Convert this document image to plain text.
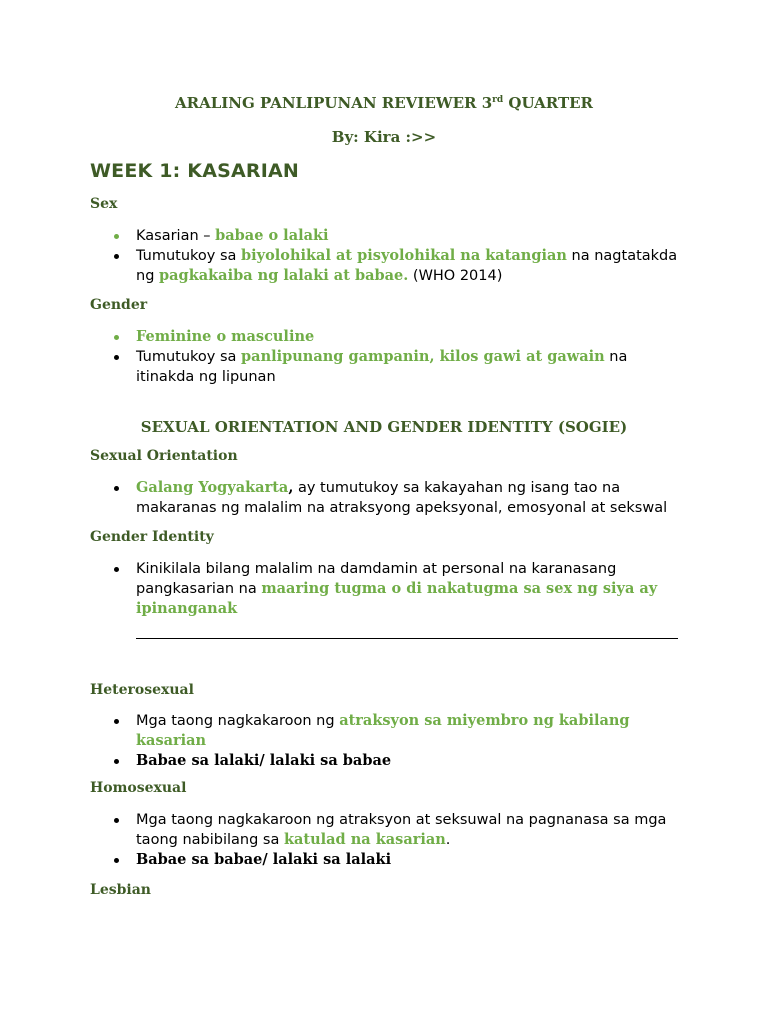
ARALING PANLIPUNAN REVIEWER 3rd QUARTER
By: Kira :>>
WEEK 1: KASARIAN
Sex
Kasarian – babae o lalaki
Tumutukoy sa biyolohikal at pisyolohikal na katangian na nagtatakda
ng pagkakaiba ng lalaki at babae. (WHO 2014)
Gender
Feminine o masculine
Tumutukoy sa panlipunang gampanin, kilos gawi at gawain na
itinakda ng lipunan
SEXUAL ORIENTATION AND GENDER IDENTITY (SOGIE)
Sexual Orientation
Galang Yogyakarta, ay tumutukoy sa kakayahan ng isang tao na
makaranas ng malalim na atraksyong apeksyonal, emosyonal at sekswal
Gender Identity
Kinikilala bilang malalim na damdamin at personal na karanasang
pangkasarian na maaring tugma o di nakatugma sa sex ng siya ay
ipinanganak
Heterosexual
Mga taong nagkakaroon ng atraksyon sa miyembro ng kabilang
kasarian
Babae sa lalaki/ lalaki sa babae
Homosexual
Mga taong nagkakaroon ng atraksyon at seksuwal na pagnanasa sa mga
taong nabibilang sa katulad na kasarian.
Babae sa babae/ lalaki sa lalaki
Lesbian
